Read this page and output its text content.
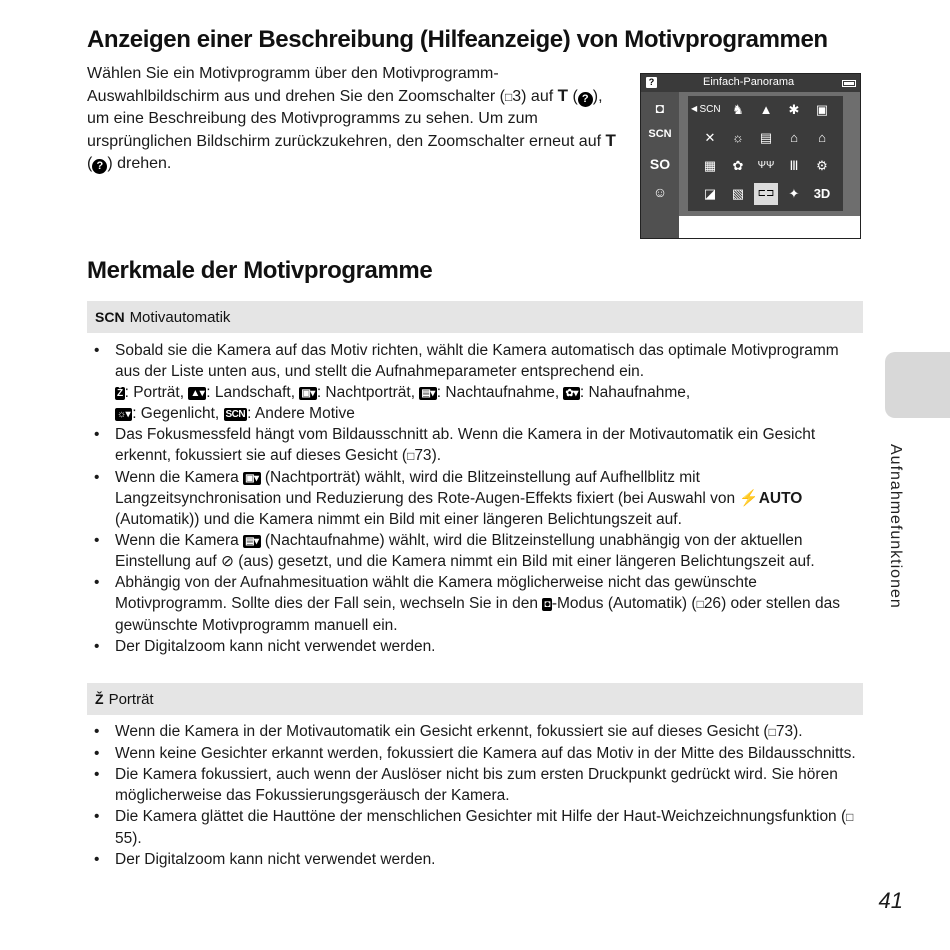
Anzeigen einer Beschreibung (Hilfeanzeige) von Motivprogrammen

Wählen Sie ein Motivprogramm über den Motivprogramm-Auswahlbildschirm aus und drehen Sie den Zoomschalter (□3) auf T ( ? ), um eine Beschreibung des Motivprogramms zu sehen. Um zum ursprünglichen Bildschirm zurückzukehren, den Zoomschalter erneut auf T ( ? ) drehen.

?	Einfach-Panorama
◘
SCN
SO
☺
◀ SCN ♞	▲	✱	▣
✕	☼	▤	⌂	⌂
▦	✿	ΨΨ	Ⅲ	⚙
◪	▧	⊏⊐	✦	3D
Merkmale der Motivprogramme
SCN Motivautomatik
• Sobald sie die Kamera auf das Motiv richten, wählt die Kamera automatisch das optimale Motivprogramm aus der Liste unten aus, und stellt die Aufnahmeparameter entsprechend ein.
Ž : Porträt, ▲▾ : Landschaft, ▣▾ : Nachtporträt, ▤▾ : Nachtaufnahme, ✿▾ : Nahaufnahme,
☼▾ : Gegenlicht, SCN : Andere Motive
• Das Fokusmessfeld hängt vom Bildausschnitt ab. Wenn die Kamera in der Motivautomatik ein Gesicht erkennt, fokussiert sie auf dieses Gesicht (□73).
• Wenn die Kamera ▣▾ (Nachtporträt) wählt, wird die Blitzeinstellung auf Aufhellblitz mit Langzeitsynchronisation und Reduzierung des Rote-Augen-Effekts fixiert (bei Auswahl von ⚡AUTO (Automatik)) und die Kamera nimmt ein Bild mit einer längeren Belichtungszeit auf.
• Wenn die Kamera ▤▾ (Nachtaufnahme) wählt, wird die Blitzeinstellung unabhängig von der aktuellen Einstellung auf ⊘ (aus) gesetzt, und die Kamera nimmt ein Bild mit einer längeren Belichtungszeit auf.
• Abhängig von der Aufnahmesituation wählt die Kamera möglicherweise nicht das gewünschte Motivprogramm. Sollte dies der Fall sein, wechseln Sie in den ◘ -Modus (Automatik) (□26) oder stellen das gewünschte Motivprogramm manuell ein.
• Der Digitalzoom kann nicht verwendet werden.
Ž Porträt
• Wenn die Kamera in der Motivautomatik ein Gesicht erkennt, fokussiert sie auf dieses Gesicht (□73).
• Wenn keine Gesichter erkannt werden, fokussiert die Kamera auf das Motiv in der Mitte des Bildausschnitts.
• Die Kamera fokussiert, auch wenn der Auslöser nicht bis zum ersten Druckpunkt gedrückt wird. Sie hören möglicherweise das Fokussierungsgeräusch der Kamera.
• Die Kamera glättet die Hauttöne der menschlichen Gesichter mit Hilfe der Haut-Weichzeichnungsfunktion (□55).
• Der Digitalzoom kann nicht verwendet werden.
Aufnahmefunktionen
41
